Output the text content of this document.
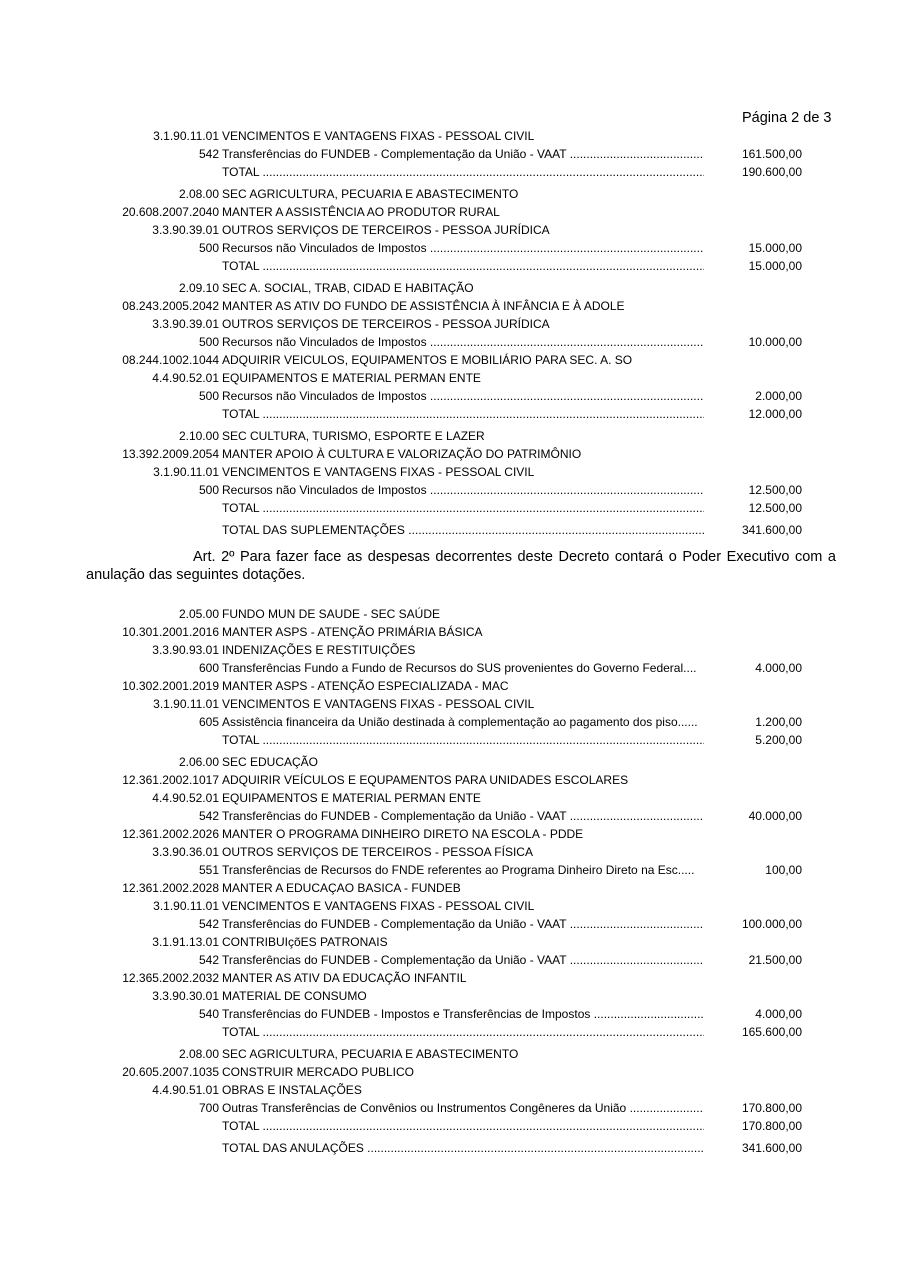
Página 2 de 3
3.1.90.11.01 VENCIMENTOS E VANTAGENS FIXAS - PESSOAL CIVIL
542 Transferências do FUNDEB - Complementação da União - VAAT .....	161.500,00
TOTAL .....	190.600,00
2.08.00 SEC AGRICULTURA, PECUARIA E ABASTECIMENTO
20.608.2007.2040 MANTER A ASSISTÊNCIA AO PRODUTOR RURAL
3.3.90.39.01 OUTROS SERVIÇOS DE TERCEIROS - PESSOA JURÍDICA
500 Recursos não Vinculados de Impostos .....	15.000,00
TOTAL .....	15.000,00
2.09.10 SEC A. SOCIAL, TRAB, CIDAD E HABITAÇÃO
08.243.2005.2042 MANTER AS ATIV DO FUNDO DE ASSISTÊNCIA À INFÂNCIA E À ADOLE
3.3.90.39.01 OUTROS SERVIÇOS DE TERCEIROS - PESSOA JURÍDICA
500 Recursos não Vinculados de Impostos .....	10.000,00
08.244.1002.1044 ADQUIRIR VEICULOS, EQUIPAMENTOS E MOBILIÁRIO PARA SEC. A. SO
4.4.90.52.01 EQUIPAMENTOS E MATERIAL PERMAN ENTE
500 Recursos não Vinculados de Impostos .....	2.000,00
TOTAL .....	12.000,00
2.10.00 SEC CULTURA, TURISMO, ESPORTE E LAZER
13.392.2009.2054 MANTER APOIO À CULTURA E VALORIZAÇÃO DO PATRIMÔNIO
3.1.90.11.01 VENCIMENTOS E VANTAGENS FIXAS - PESSOAL CIVIL
500 Recursos não Vinculados de Impostos .....	12.500,00
TOTAL .....	12.500,00
TOTAL DAS SUPLEMENTAÇÕES .....	341.600,00
Art. 2º Para fazer face as despesas decorrentes deste Decreto contará o Poder Executivo com a anulação das seguintes dotações.
2.05.00 FUNDO MUN DE SAUDE - SEC SAÚDE
10.301.2001.2016 MANTER ASPS - ATENÇÃO PRIMÁRIA BÁSICA
3.3.90.93.01 INDENIZAÇÕES E RESTITUIÇÕES
600 Transferências Fundo a Fundo de Recursos do SUS provenientes do Governo Federal....	4.000,00
10.302.2001.2019 MANTER ASPS - ATENÇÃO ESPECIALIZADA - MAC
3.1.90.11.01 VENCIMENTOS E VANTAGENS FIXAS - PESSOAL CIVIL
605 Assistência financeira da União destinada à complementação ao pagamento dos piso......	1.200,00
TOTAL .....	5.200,00
2.06.00 SEC EDUCAÇÃO
12.361.2002.1017 ADQUIRIR VEÍCULOS E EQUPAMENTOS PARA UNIDADES ESCOLARES
4.4.90.52.01 EQUIPAMENTOS E MATERIAL PERMAN ENTE
542 Transferências do FUNDEB - Complementação da União - VAAT .....	40.000,00
12.361.2002.2026 MANTER O PROGRAMA DINHEIRO DIRETO NA ESCOLA - PDDE
3.3.90.36.01 OUTROS SERVIÇOS DE TERCEIROS - PESSOA FÍSICA
551 Transferências de Recursos do FNDE referentes ao Programa Dinheiro Direto na Esc.....	100,00
12.361.2002.2028 MANTER A EDUCAÇAO BASICA - FUNDEB
3.1.90.11.01 VENCIMENTOS E VANTAGENS FIXAS - PESSOAL CIVIL
542 Transferências do FUNDEB - Complementação da União - VAAT .....	100.000,00
3.1.91.13.01 CONTRIBUIçõES PATRONAIS
542 Transferências do FUNDEB - Complementação da União - VAAT .....	21.500,00
12.365.2002.2032 MANTER AS ATIV DA EDUCAÇÃO INFANTIL
3.3.90.30.01 MATERIAL DE CONSUMO
540 Transferências do FUNDEB - Impostos e Transferências de Impostos .....	4.000,00
TOTAL .....	165.600,00
2.08.00 SEC AGRICULTURA, PECUARIA E ABASTECIMENTO
20.605.2007.1035 CONSTRUIR MERCADO PUBLICO
4.4.90.51.01 OBRAS E INSTALAÇÕES
700 Outras Transferências de Convênios ou Instrumentos Congêneres da União .....	170.800,00
TOTAL .....	170.800,00
TOTAL DAS ANULAÇÕES .....	341.600,00
